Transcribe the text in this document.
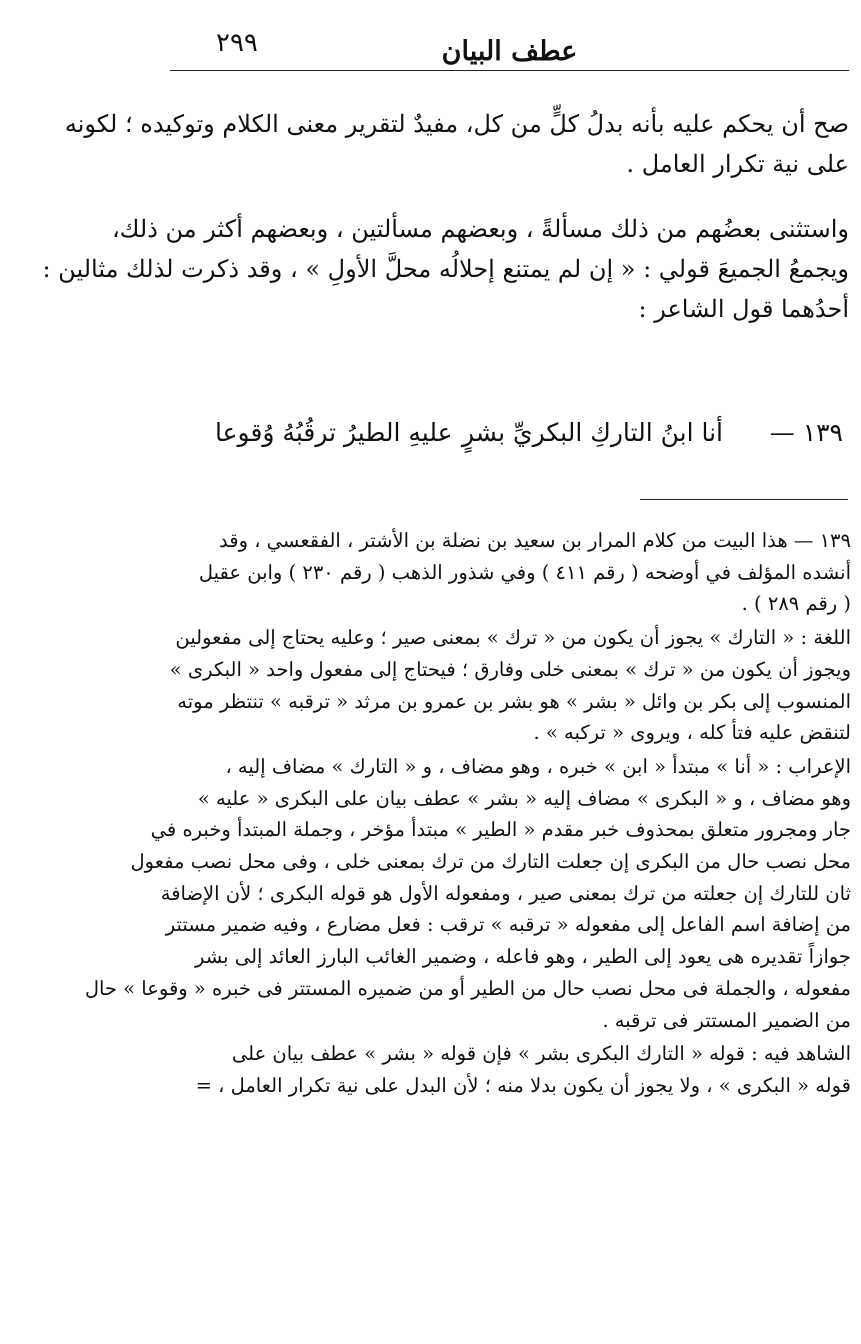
٢٩٩	عطف البيان
صح أن يحكم عليه بأنه بدلُ كلٍّ من كل، مفيدٌ لتقرير معنى الكلام وتوكيده ؛ لكونه
على نية تكرار العامل .
واستثنى بعضُهم من ذلك مسألةً ، وبعضهم مسألتين ، وبعضهم أكثر من ذلك،
ويجمعُ الجميعَ قولي : « إن لم يمتنع إحلالُه محلَّ الأولِ » ، وقد ذكرت لذلك مثالين :
أحدُهما قول الشاعر :
١٣٩ —
أنا ابنُ التاركِ البكريِّ بشرٍ
عليهِ الطيرُ ترقُبُهُ وُقوعا
١٣٩ — هذا البيت من كلام المرار بن سعيد بن نضلة بن الأشتر ، الفقعسي ، وقد
أنشده المؤلف في أوضحه ( رقم ٤١١ ) وفي شذور الذهب ( رقم ٢٣٠ ) وابن عقيل
( رقم ٢٨٩ ) .
اللغة : « التارك » يجوز أن يكون من « ترك » بمعنى صير ؛ وعليه يحتاج إلى مفعولين
ويجوز أن يكون من « ترك » بمعنى خلى وفارق ؛ فيحتاج إلى مفعول واحد « البكرى »
المنسوب إلى بكر بن وائل « بشر » هو بشر بن عمرو بن مرثد « ترقبه » تنتظر موته
لتنقض عليه فتأ كله ، ويروى « تركبه » .
الإعراب : « أنا » مبتدأ « ابن » خبره ، وهو مضاف ، و « التارك » مضاف إليه ،
وهو مضاف ، و « البكرى » مضاف إليه « بشر » عطف بيان على البكرى « عليه »
جار ومجرور متعلق بمحذوف خبر مقدم « الطير » مبتدأ مؤخر ، وجملة المبتدأ وخبره في
محل نصب حال من البكرى إن جعلت التارك من ترك بمعنى خلى ، وفى محل نصب مفعول
ثان للتارك إن جعلته من ترك بمعنى صير ، ومفعوله الأول هو قوله البكرى ؛ لأن الإضافة
من إضافة اسم الفاعل إلى مفعوله « ترقبه » ترقب : فعل مضارع ، وفيه ضمير مستتر
جوازاً تقديره هى يعود إلى الطير ، وهو فاعله ، وضمير الغائب البارز العائد إلى بشر
مفعوله ، والجملة فى محل نصب حال من الطير أو من ضميره المستتر فى خبره « وقوعا » حال
من الضمير المستتر فى ترقبه .
الشاهد فيه : قوله « التارك البكرى بشر » فإن قوله « بشر » عطف بيان على
قوله « البكرى » ، ولا يجوز أن يكون بدلا منه ؛ لأن البدل على نية تكرار العامل ، =
